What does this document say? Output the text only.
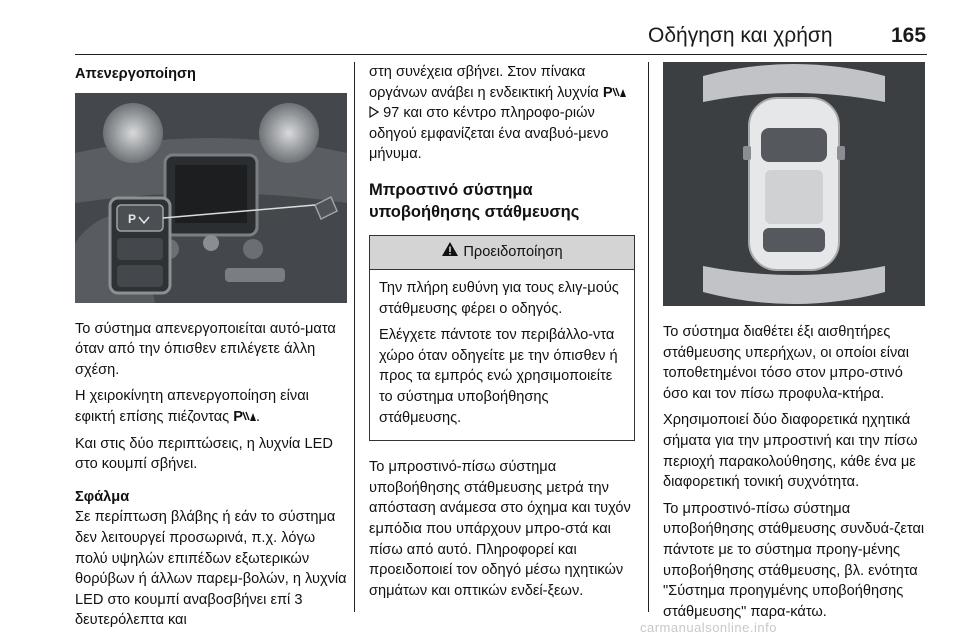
Οδήγηση και χρήση	165
Απενεργοποίηση
P

Το σύστημα απενεργοποιείται αυτό-ματα όταν από την όπισθεν επιλέγετε άλλη σχέση.

Η χειροκίνητη απενεργοποίηση είναι εφικτή επίσης πιέζοντας P .

Και στις δύο περιπτώσεις, η λυχνία LED στο κουμπί σβήνει.

Σφάλμα

Σε περίπτωση βλάβης ή εάν το σύστημα δεν λειτουργεί προσωρινά, π.χ. λόγω πολύ υψηλών επιπέδων εξωτερικών θορύβων ή άλλων παρεμ-βολών, η λυχνία LED στο κουμπί αναβοσβήνει επί 3 δευτερόλεπτα και

στη συνέχεια σβήνει. Στον πίνακα οργάνων ανάβει η ενδεικτική λυχνία P  97 και στο κέντρο πληροφο-ριών οδηγού εμφανίζεται ένα αναβυό-μενο μήνυμα.

Μπροστινό σύστημα υποβοήθησης στάθμευσης
Προειδοποίηση

Την πλήρη ευθύνη για τους ελιγ-μούς στάθμευσης φέρει ο οδηγός.

Ελέγχετε πάντοτε τον περιβάλλο-ντα χώρο όταν οδηγείτε με την όπισθεν ή προς τα εμπρός ενώ χρησιμοποιείτε το σύστημα υποβοήθησης στάθμευσης.

Το μπροστινό-πίσω σύστημα υποβοήθησης στάθμευσης μετρά την απόσταση ανάμεσα στο όχημα και τυχόν εμπόδια που υπάρχουν μπρο-στά και πίσω από αυτό. Πληροφορεί και προειδοποιεί τον οδηγό μέσω ηχητικών σημάτων και οπτικών ενδεί-ξεων.

Το σύστημα διαθέτει έξι αισθητήρες στάθμευσης υπερήχων, οι οποίοι είναι τοποθετημένοι τόσο στον μπρο-στινό όσο και τον πίσω προφυλα-κτήρα.

Χρησιμοποιεί δύο διαφορετικά ηχητικά σήματα για την μπροστινή και την πίσω περιοχή παρακολούθησης, κάθε ένα με διαφορετική τονική συχνότητα.

Το μπροστινό-πίσω σύστημα υποβοήθησης στάθμευσης συνδυά-ζεται πάντοτε με το σύστημα προηγ-μένης υποβοήθησης στάθμευσης, βλ. ενότητα "Σύστημα προηγμένης υποβοήθησης στάθμευσης" παρα-κάτω.

carmanualsonline.info
